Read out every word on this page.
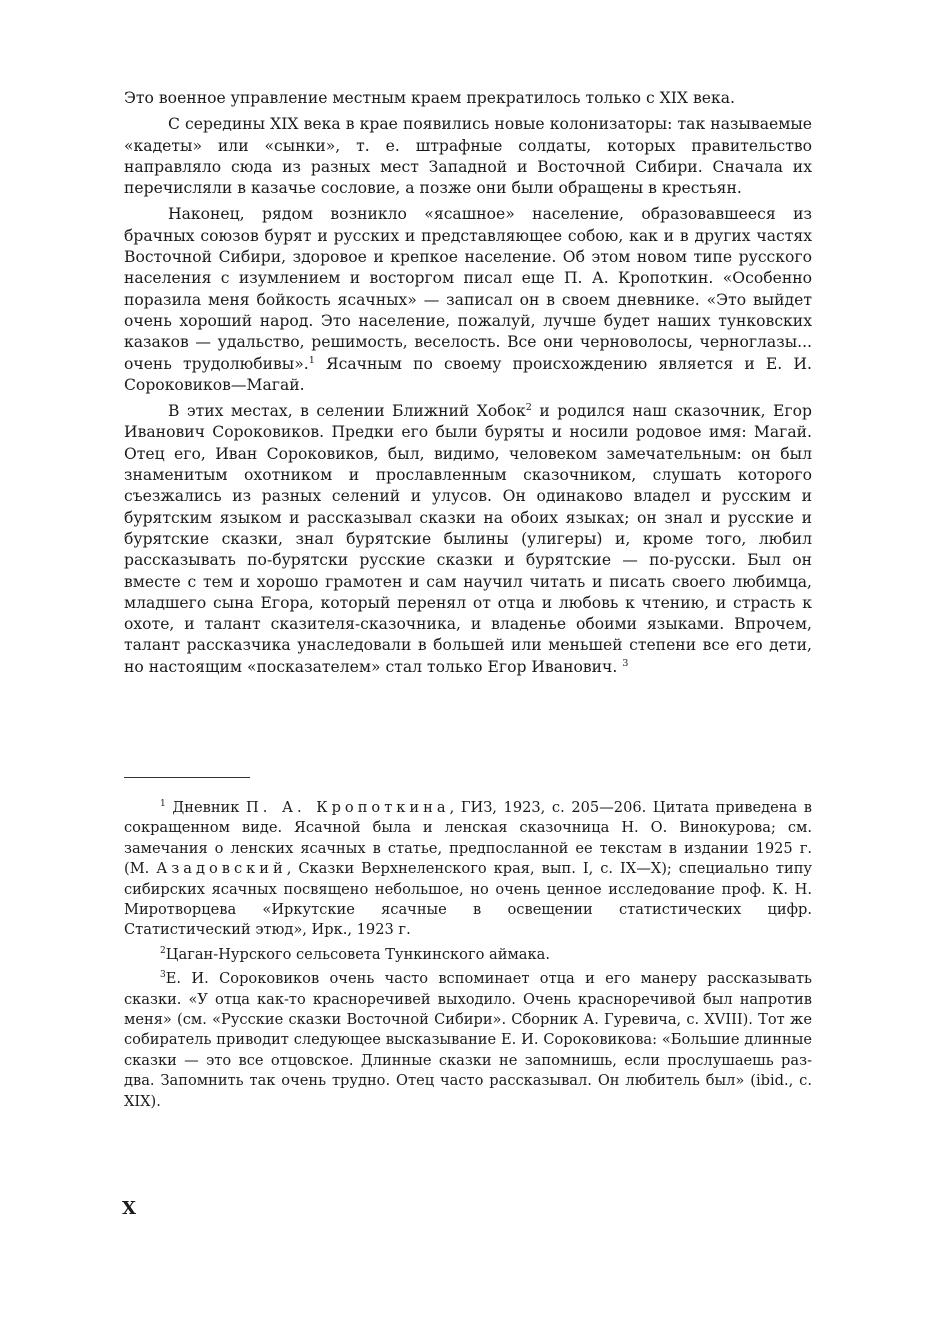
Это военное управление местным краем прекратилось только с XIX века.

С середины XIX века в крае появились новые колонизаторы: так называемые «кадеты» или «сынки», т. е. штрафные солдаты, которых правительство направляло сюда из разных мест Западной и Восточной Сибири. Сначала их перечисляли в казачье сословие, а позже они были обращены в крестьян.

Наконец, рядом возникло «ясашное» население, образовавшееся из брачных союзов бурят и русских и представляющее собою, как и в других частях Восточной Сибири, здоровое и крепкое население. Об этом новом типе русского населения с изумлением и восторгом писал еще П. А. Кропоткин. «Особенно поразила меня бойкость ясачных» — записал он в своем дневнике. «Это выйдет очень хороший народ. Это население, пожалуй, лучше будет наших тунковских казаков — удальство, решимость, веселость. Все они черноволосы, черноглазы... очень трудолюбивы».$^1$ Ясачным по своему происхождению является и Е. И. Сороковиков—Магай.

В этих местах, в селении Ближний Хобок$^2$ и родился наш сказочник, Егор Иванович Сороковиков. Предки его были буряты и носили родовое имя: Магай. Отец его, Иван Сороковиков, был, видимо, человеком замечательным: он был знаменитым охотником и прославленным сказочником, слушать которого съезжались из разных селений и улусов. Он одинаково владел и русским и бурятским языком и рассказывал сказки на обоих языках; он знал и русские и бурятские сказки, знал бурятские былины (улигеры) и, кроме того, любил рассказывать по-бурятски русские сказки и бурятские — по-русски. Был он вместе с тем и хорошо грамотен и сам научил читать и писать своего любимца, младшего сына Егора, который перенял от отца и любовь к чтению, и страсть к охоте, и талант сказителя-сказочника, и владенье обоими языками. Впрочем, талант рассказчика унаследовали в большей или меньшей степени все его дети, но настоящим «посказателем» стал только Егор Иванович. $^3$

$^1$ Дневник П. А. Кропоткина, ГИЗ, 1923, с. 205—206. Цитата приведена в сокращенном виде. Ясачной была и ленская сказочница Н. О. Винокурова; см. замечания о ленских ясачных в статье, предпосланной ее текстам в издании 1925 г. (М. Азадовский, Сказки Верхнеленского края, вып. I, с. IX—X); специально типу сибирских ясачных посвящено небольшое, но очень ценное исследование проф. К. Н. Миротворцева «Иркутские ясачные в освещении статистических цифр. Статистический этюд», Ирк., 1923 г.

$^2$Цаган-Нурского сельсовета Тункинского аймака.

$^3$Е. И. Сороковиков очень часто вспоминает отца и его манеру рассказывать сказки. «У отца как-то красноречивей выходило. Очень красноречивой был напротив меня» (см. «Русские сказки Восточной Сибири». Сборник А. Гуревича, с. XVIII). Тот же собиратель приводит следующее высказывание Е. И. Сороковикова: «Большие длинные сказки — это все отцовское. Длинные сказки не запомнишь, если прослушаешь раз-два. Запомнить так очень трудно. Отец часто рассказывал. Он любитель был» (ibid., с. XIX).

X
